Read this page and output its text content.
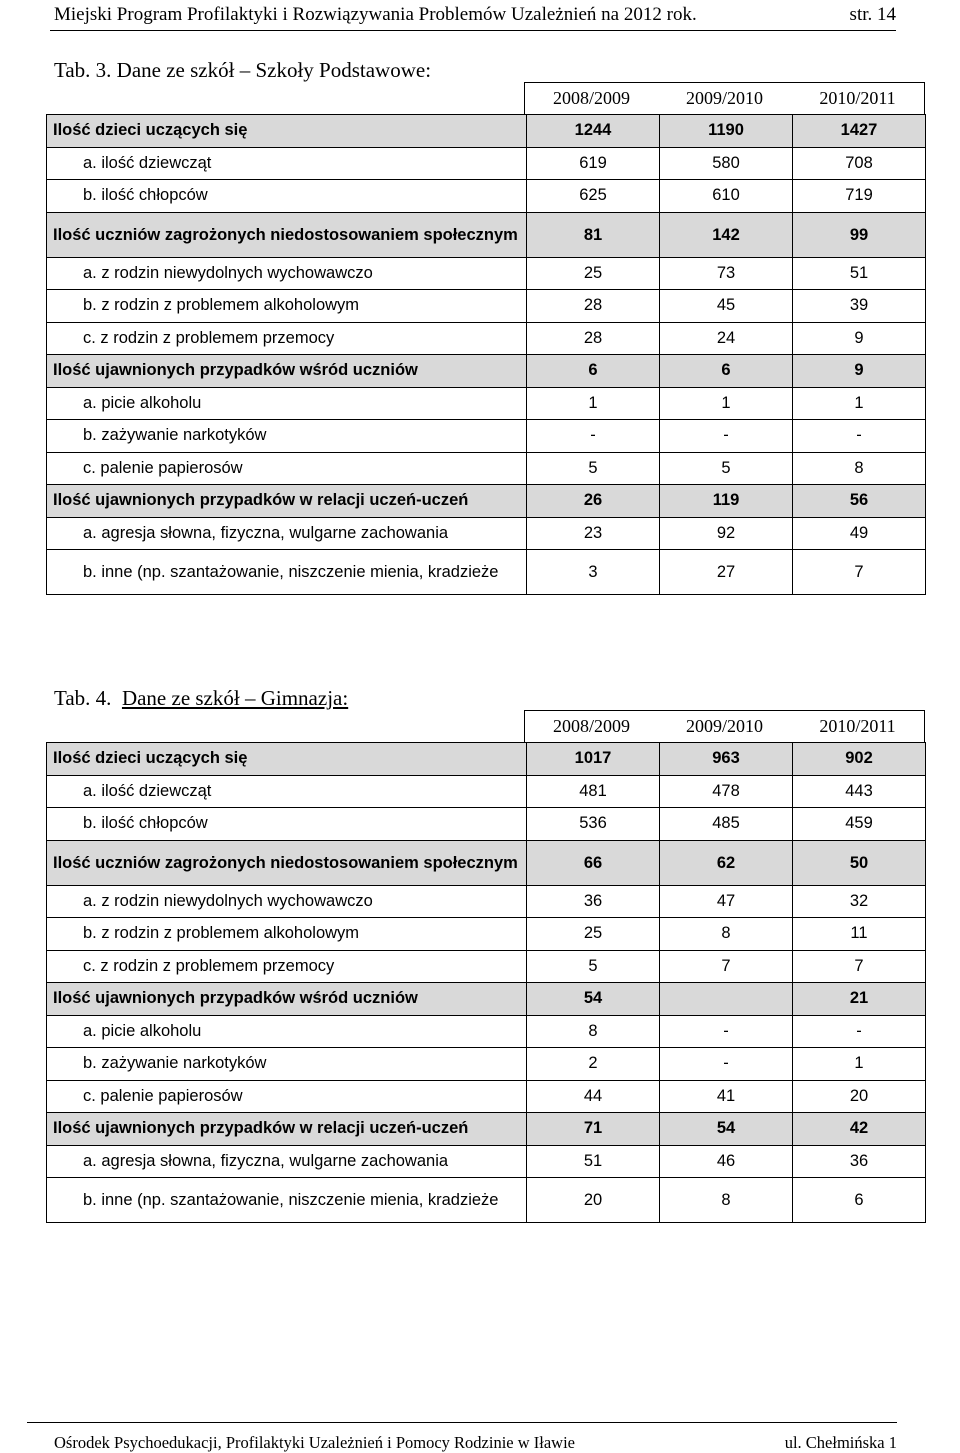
Miejski Program Profilaktyki i Rozwiązywania Problemów Uzależnień na 2012 rok.	str. 14
Tab. 3. Dane ze szkół – Szkoły Podstawowe:
2008/2009	2009/2010	2010/2011
Ilość dzieci uczących się	1244	1190	1427
a. ilość dziewcząt	619	580	708
b. ilość chłopców	625	610	719
Ilość uczniów zagrożonych niedostosowaniem społecznym	81	142	99
a. z rodzin niewydolnych wychowawczo	25	73	51
b. z rodzin z problemem alkoholowym	28	45	39
c. z rodzin z problemem przemocy	28	24	9
Ilość ujawnionych przypadków wśród uczniów	6	6	9
a. picie alkoholu	1	1	1
b. zażywanie narkotyków	-	-	-
c. palenie papierosów	5	5	8
Ilość ujawnionych przypadków w relacji uczeń-uczeń	26	119	56
a. agresja słowna, fizyczna, wulgarne zachowania	23	92	49
b. inne (np. szantażowanie, niszczenie mienia, kradzieże	3	27	7
Tab. 4. Dane ze szkół – Gimnazja:
2008/2009	2009/2010	2010/2011
Ilość dzieci uczących się	1017	963	902
a. ilość dziewcząt	481	478	443
b. ilość chłopców	536	485	459
Ilość uczniów zagrożonych niedostosowaniem społecznym	66	62	50
a. z rodzin niewydolnych wychowawczo	36	47	32
b. z rodzin z problemem alkoholowym	25	8	11
c. z rodzin z problemem przemocy	5	7	7
Ilość ujawnionych przypadków wśród uczniów	54		21
a. picie alkoholu	8	-	-
b. zażywanie narkotyków	2	-	1
c. palenie papierosów	44	41	20
Ilość ujawnionych przypadków w relacji uczeń-uczeń	71	54	42
a. agresja słowna, fizyczna, wulgarne zachowania	51	46	36
b. inne (np. szantażowanie, niszczenie mienia, kradzieże	20	8	6
Ośrodek Psychoedukacji, Profilaktyki Uzależnień i Pomocy Rodzinie w Iławie	ul. Chełmińska 1
